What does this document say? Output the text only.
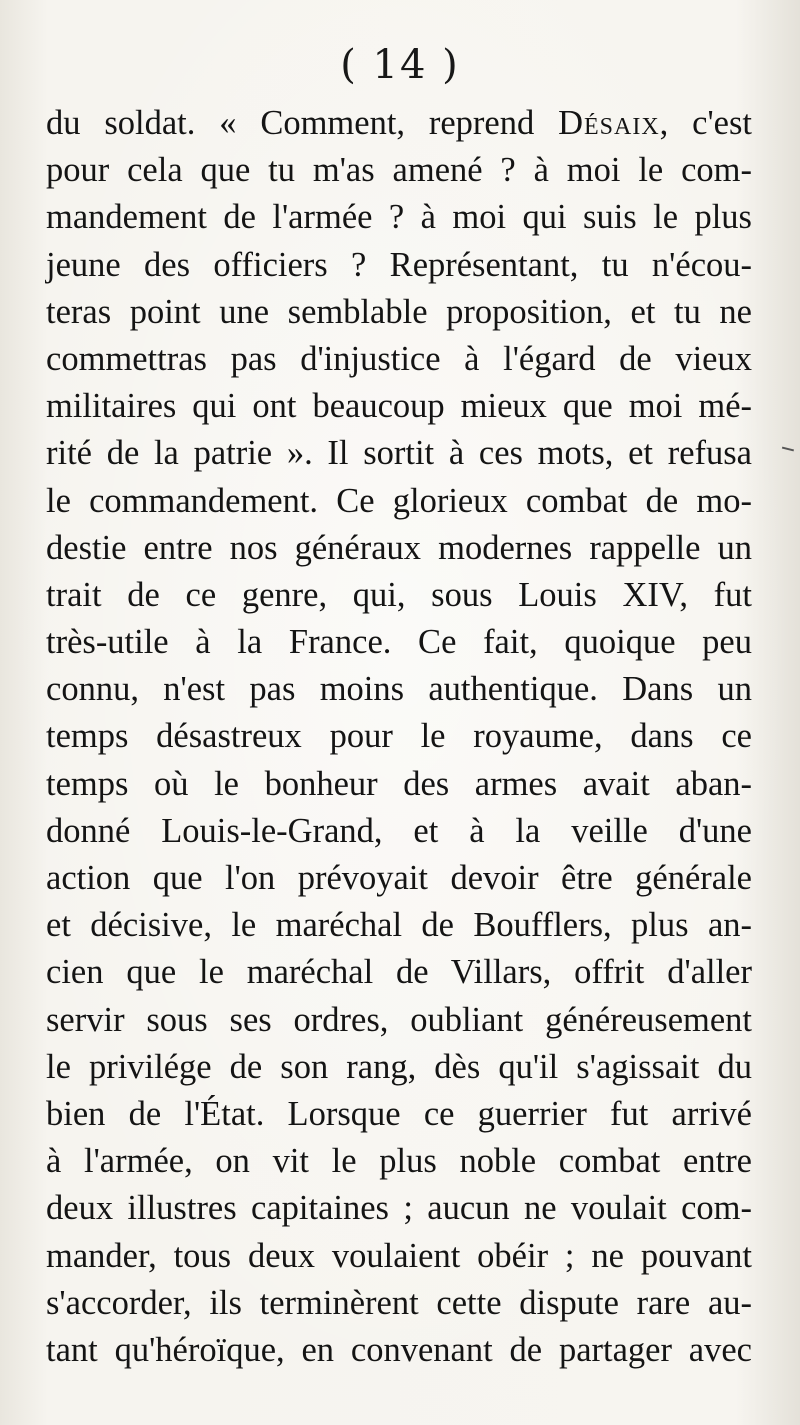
( 14 )
du soldat. « Comment, reprend Désaix, c'est
pour cela que tu m'as amené ? à moi le com-
mandement de l'armée ? à moi qui suis le plus
jeune des officiers ? Représentant, tu n'écou-
teras point une semblable proposition, et tu ne
commettras pas d'injustice à l'égard de vieux
militaires qui ont beaucoup mieux que moi mé-
rité de la patrie ». Il sortit à ces mots, et refusa
le commandement. Ce glorieux combat de mo-
destie entre nos généraux modernes rappelle un
trait de ce genre, qui, sous Louis XIV, fut
très-utile à la France. Ce fait, quoique peu
connu, n'est pas moins authentique. Dans un
temps désastreux pour le royaume, dans ce
temps où le bonheur des armes avait aban-
donné Louis-le-Grand, et à la veille d'une
action que l'on prévoyait devoir être générale
et décisive, le maréchal de Boufflers, plus an-
cien que le maréchal de Villars, offrit d'aller
servir sous ses ordres, oubliant généreusement
le privilége de son rang, dès qu'il s'agissait du
bien de l'État. Lorsque ce guerrier fut arrivé
à l'armée, on vit le plus noble combat entre
deux illustres capitaines ; aucun ne voulait com-
mander, tous deux voulaient obéir ; ne pouvant
s'accorder, ils terminèrent cette dispute rare au-
tant qu'héroïque, en convenant de partager avec
